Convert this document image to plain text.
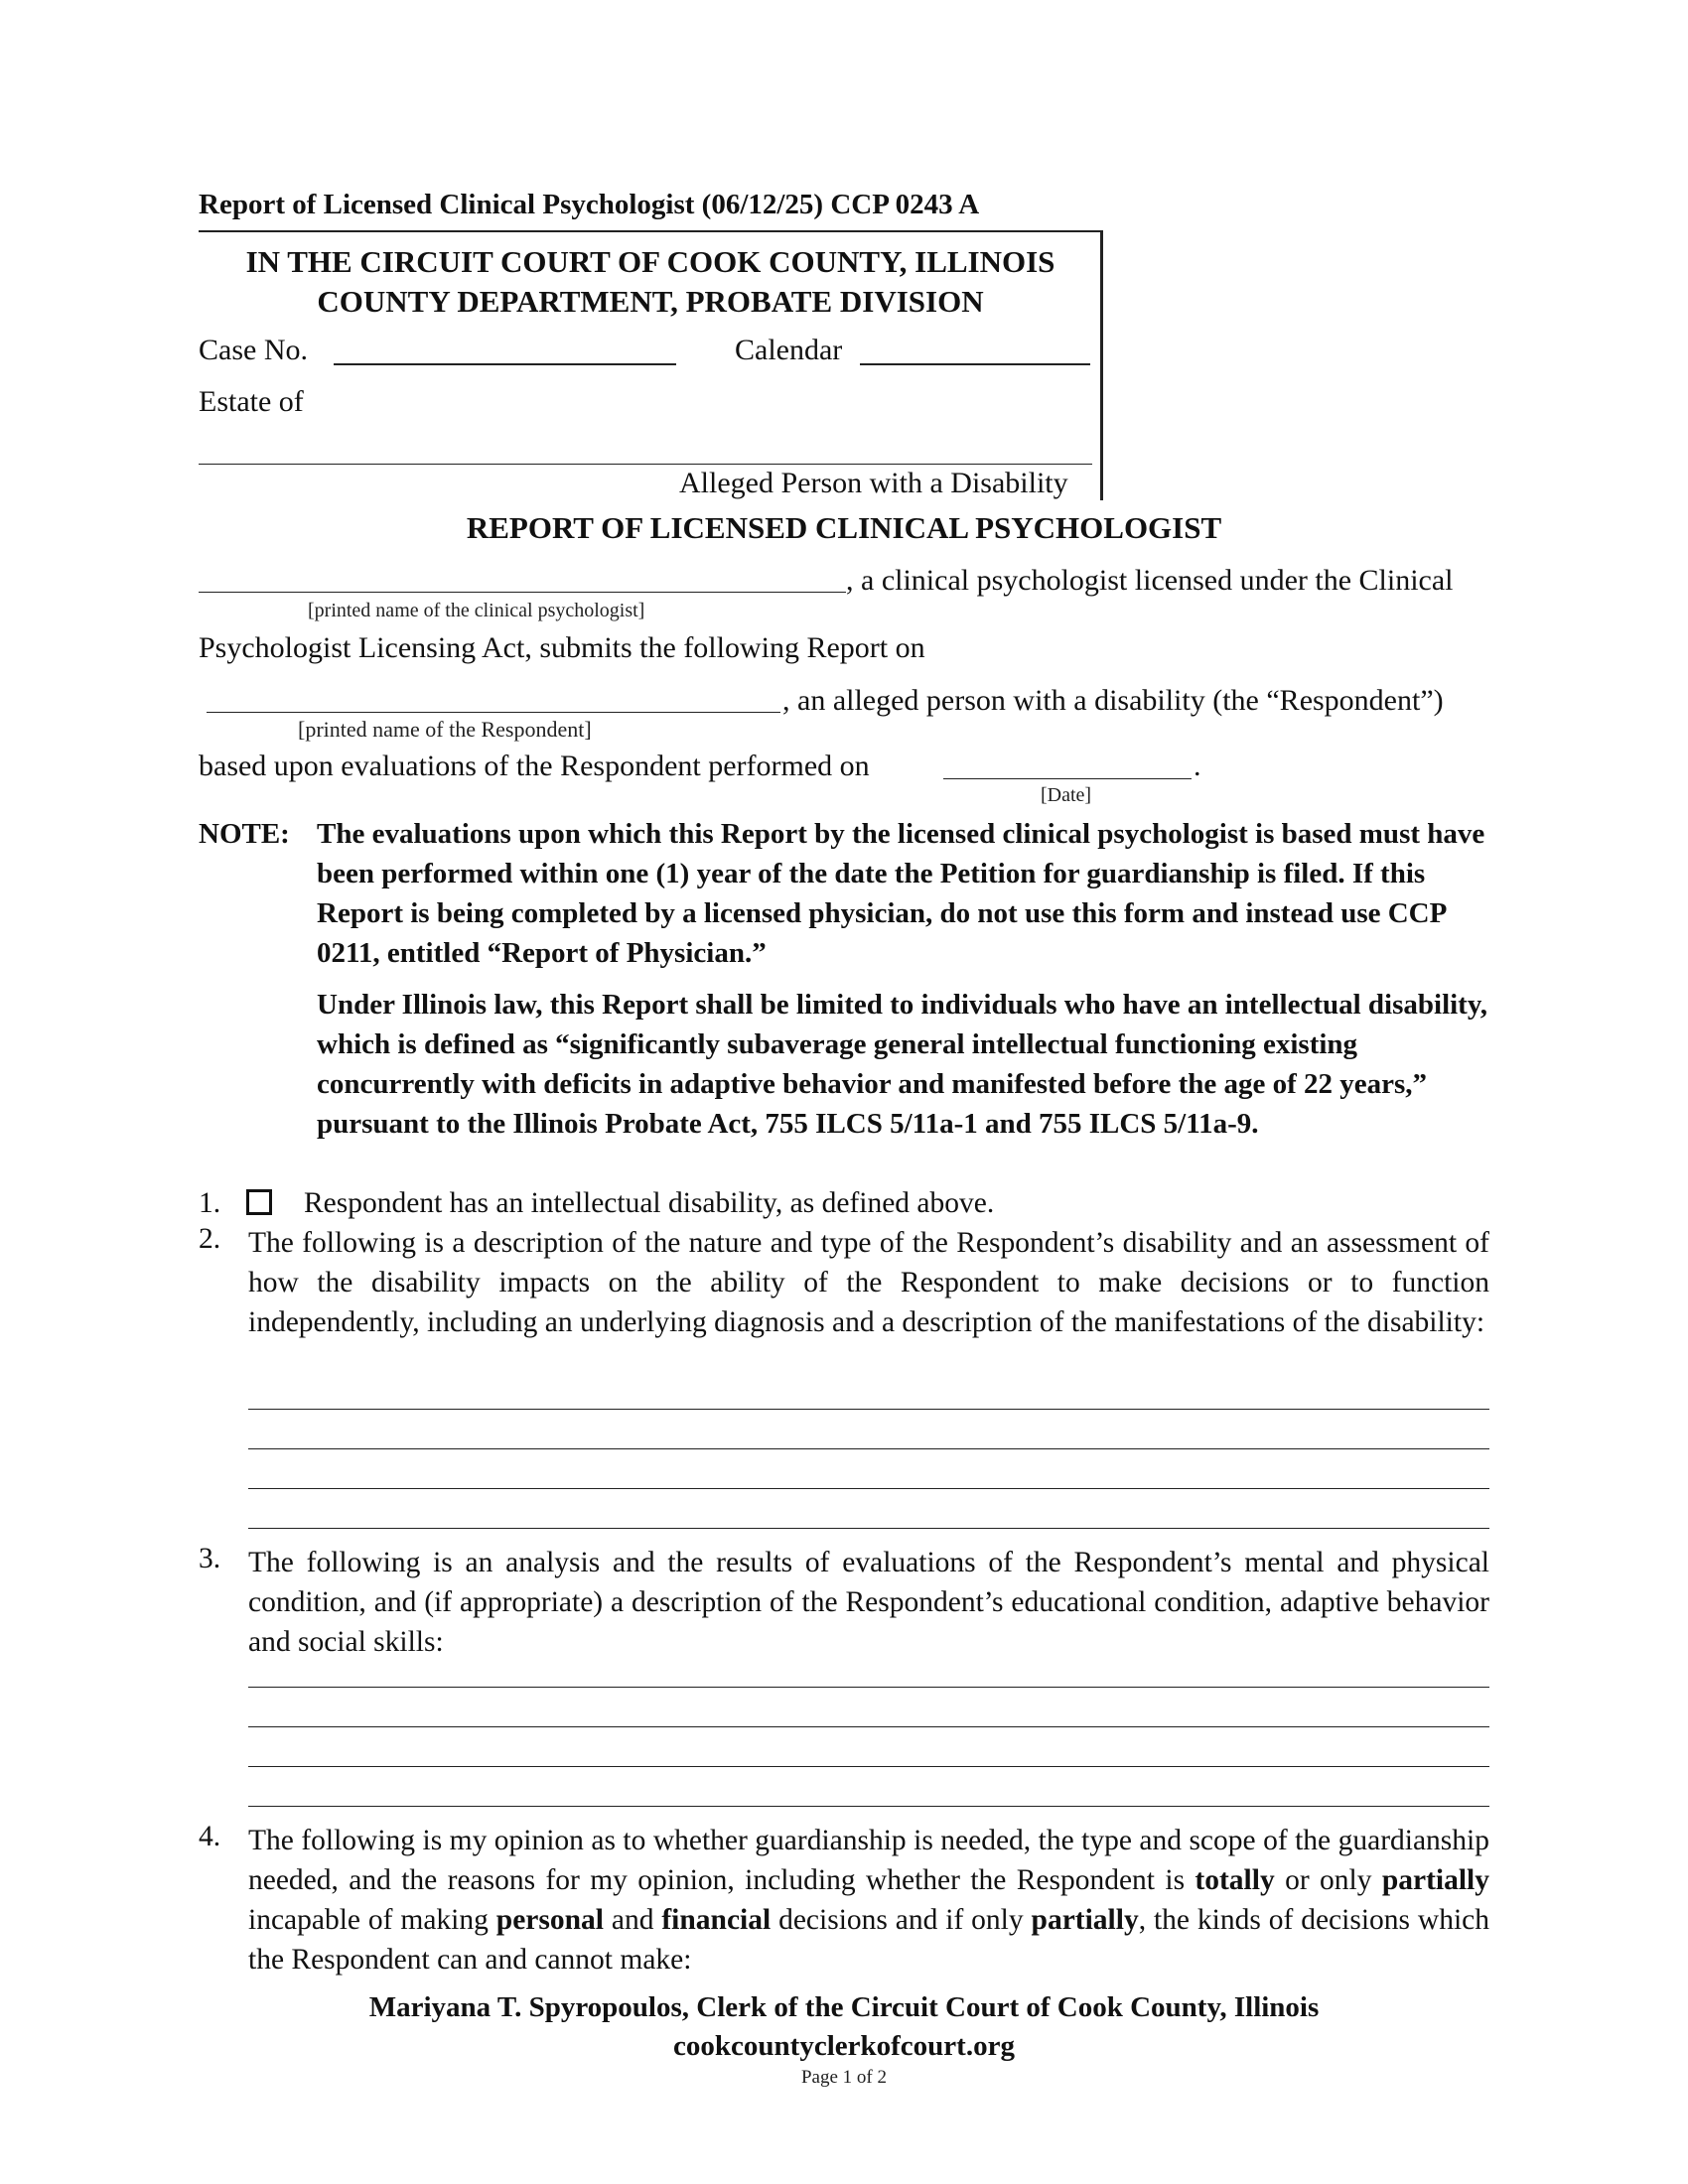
Report of Licensed Clinical Psychologist (06/12/25) CCP 0243 A
IN THE CIRCUIT COURT OF COOK COUNTY, ILLINOIS
COUNTY DEPARTMENT, PROBATE DIVISION
Case No.	Calendar
Estate of
Alleged Person with a Disability
REPORT OF LICENSED CLINICAL PSYCHOLOGIST
, a clinical psychologist licensed under the Clinical
[printed name of the clinical psychologist]
Psychologist Licensing Act, submits the following Report on
, an alleged person with a disability (the “Respondent”)
[printed name of the Respondent]
based upon evaluations of the Respondent performed on	.
[Date]
NOTE: The evaluations upon which this Report by the licensed clinical psychologist is based must have been performed within one (1) year of the date the Petition for guardianship is filed. If this Report is being completed by a licensed physician, do not use this form and instead use CCP 0211, entitled “Report of Physician.”
Under Illinois law, this Report shall be limited to individuals who have an intellectual disability, which is defined as “significantly subaverage general intellectual functioning existing concurrently with deficits in adaptive behavior and manifested before the age of 22 years,” pursuant to the Illinois Probate Act, 755 ILCS 5/11a-1 and 755 ILCS 5/11a-9.
1.	Respondent has an intellectual disability, as defined above.
2. The following is a description of the nature and type of the Respondent’s disability and an assessment of how the disability impacts on the ability of the Respondent to make decisions or to function independently, including an underlying diagnosis and a description of the manifestations of the disability:
3. The following is an analysis and the results of evaluations of the Respondent’s mental and physical condition, and (if appropriate) a description of the Respondent’s educational condition, adaptive behavior and social skills:
4. The following is my opinion as to whether guardianship is needed, the type and scope of the guardianship needed, and the reasons for my opinion, including whether the Respondent is totally or only partially incapable of making personal and financial decisions and if only partially, the kinds of decisions which the Respondent can and cannot make:
Mariyana T. Spyropoulos, Clerk of the Circuit Court of Cook County, Illinois
cookcountyclerkofcourt.org
Page 1 of 2
